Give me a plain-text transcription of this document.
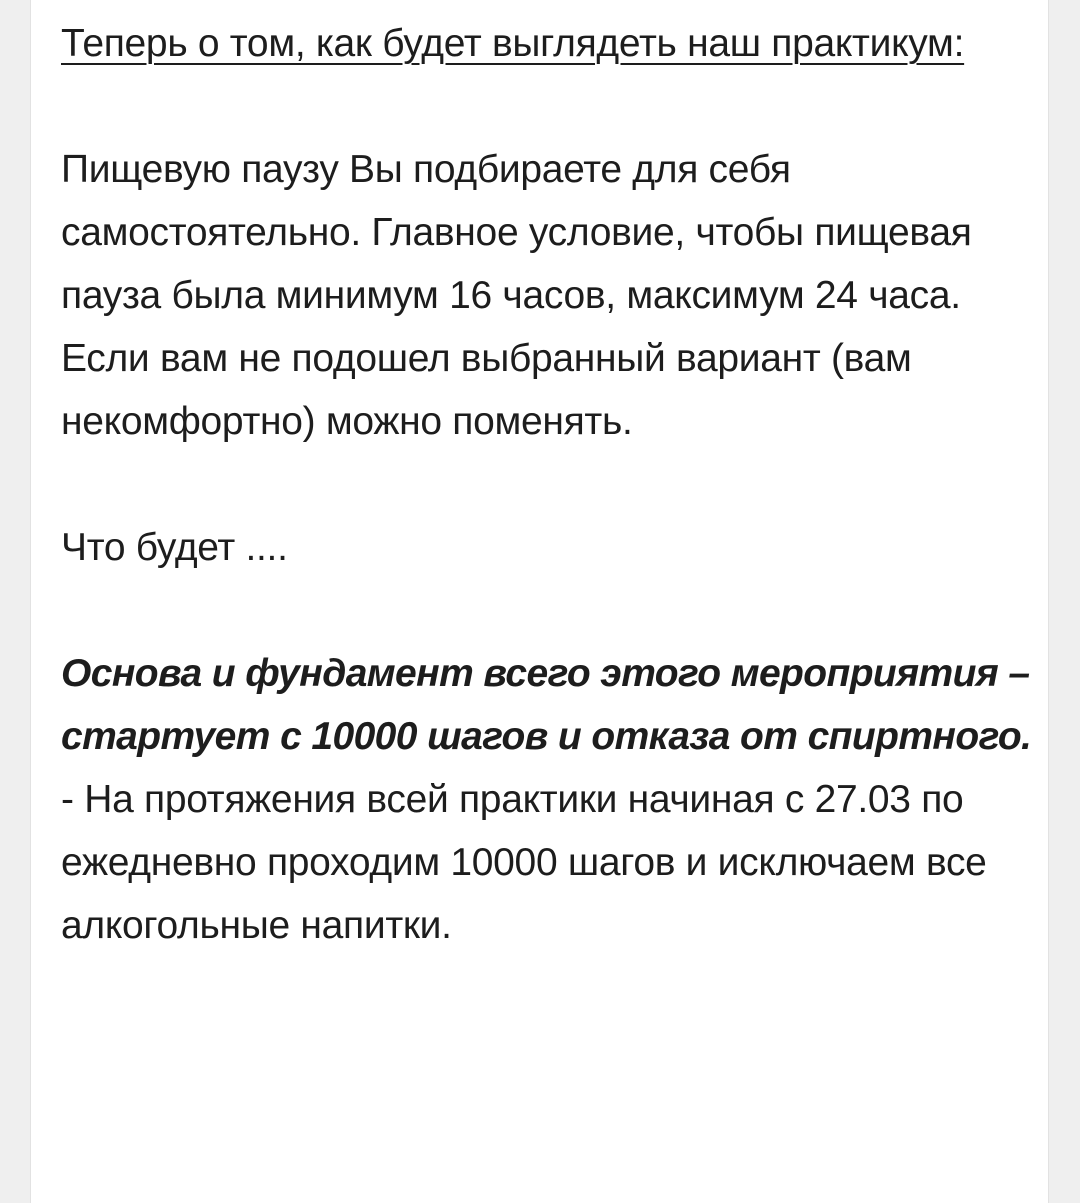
Теперь о том, как будет выглядеть наш практикум:

Пищевую паузу Вы подбираете для себя самостоятельно. Главное условие, чтобы пищевая пауза была минимум 16 часов, максимум 24 часа.

Если вам не подошел выбранный вариант (вам некомфортно) можно поменять.

Что будет ....

Основа и фундамент всего этого мероприятия – стартует с 10000 шагов и отказа от спиртного.

- На протяжения всей практики начиная с 27.03 по ежедневно проходим 10000 шагов и исключаем все алкогольные напитки.
